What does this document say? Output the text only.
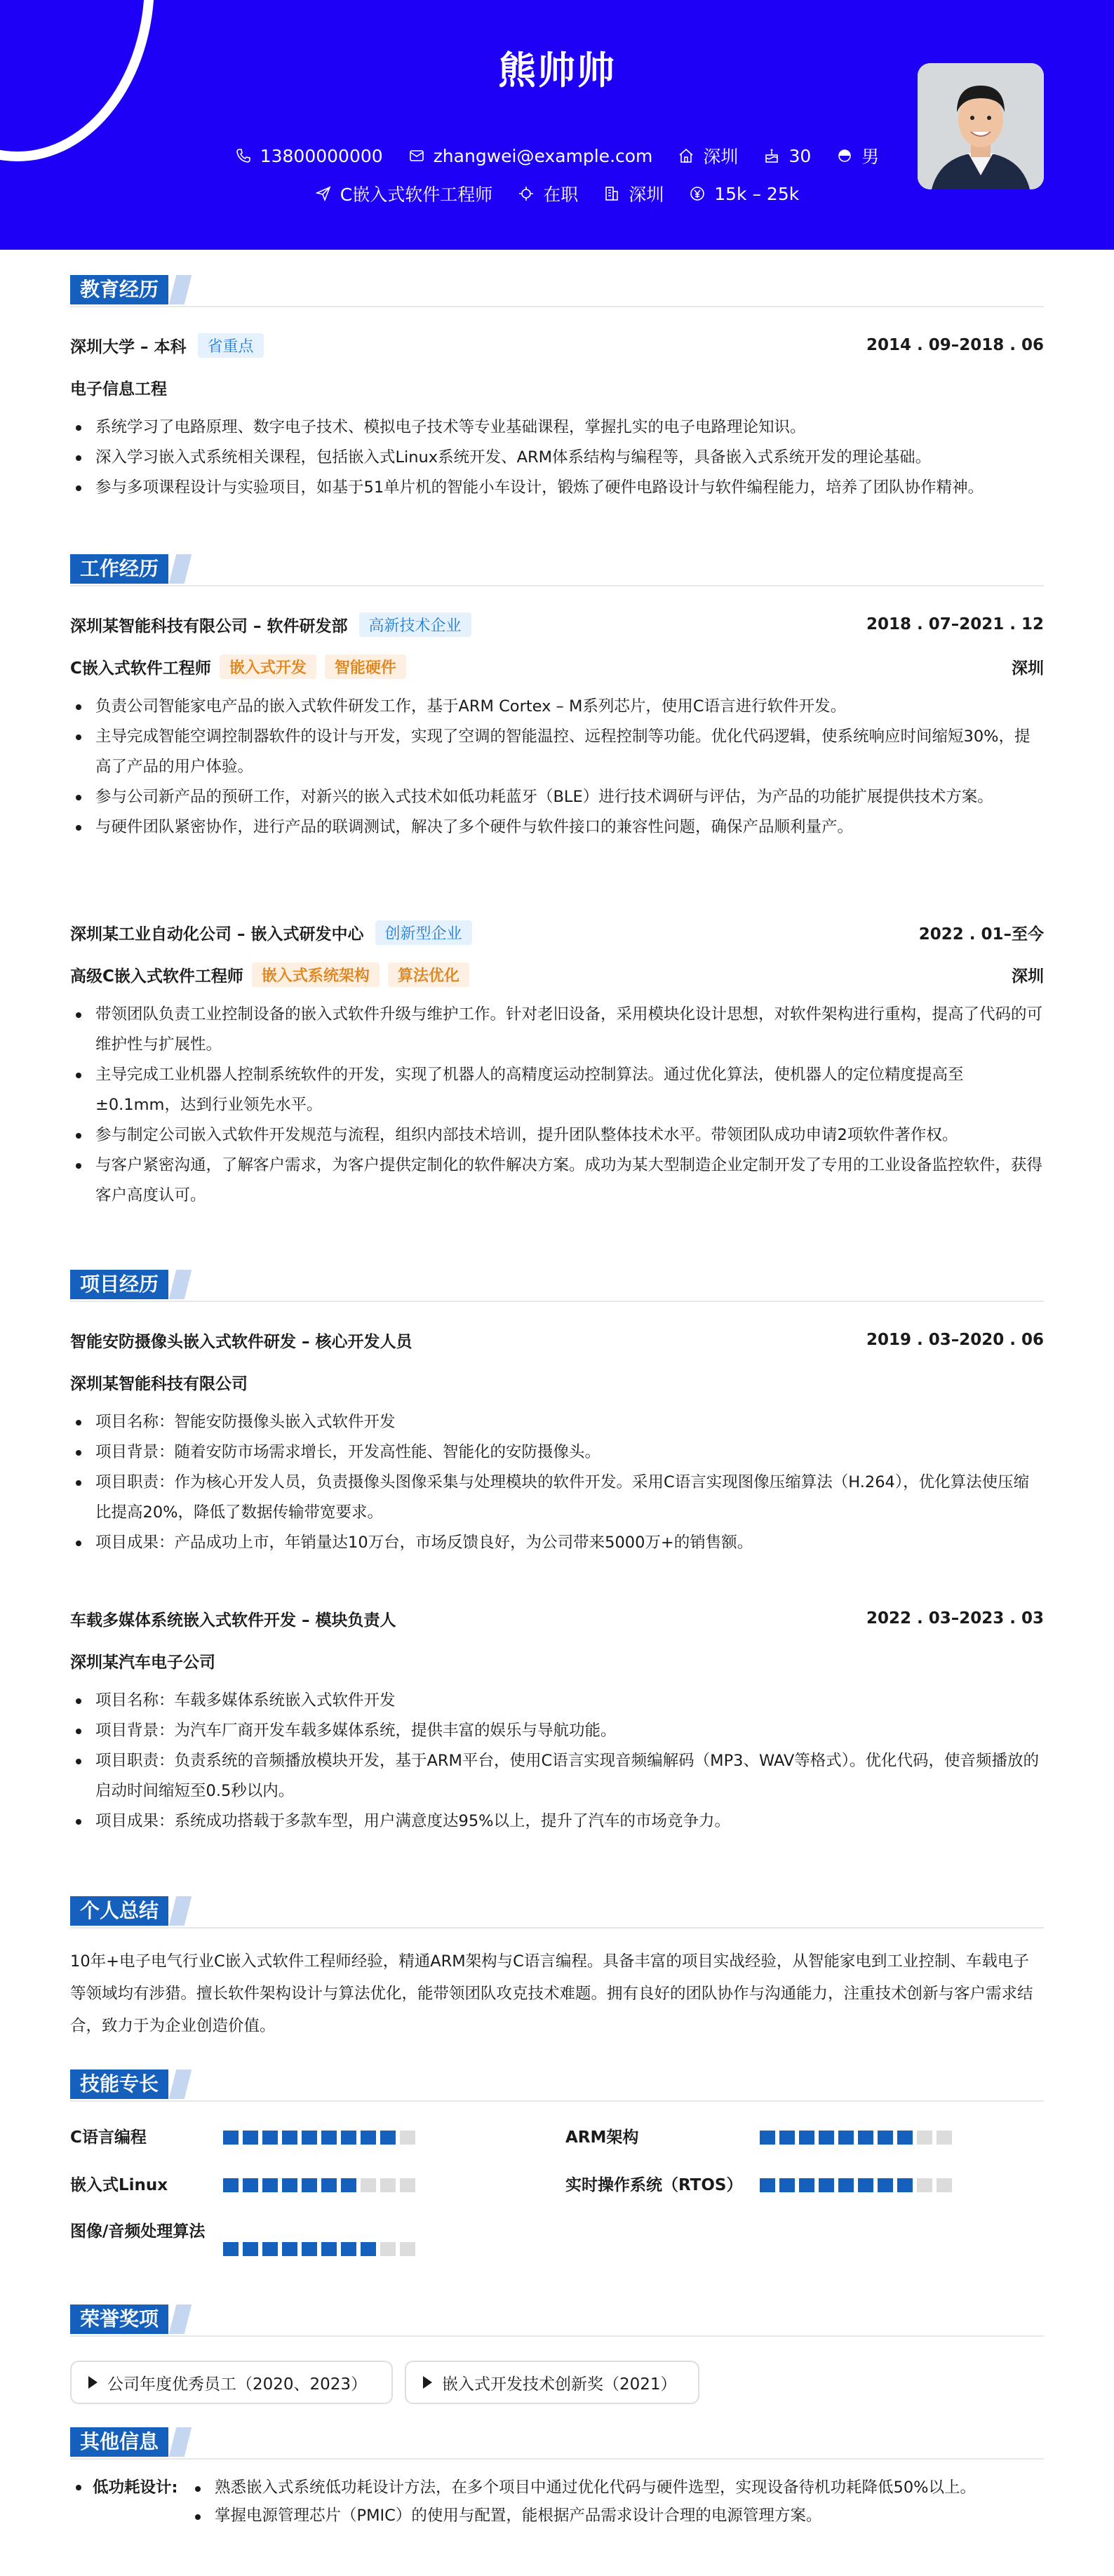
熊帅帅
13800000000	zhangwei@example.com	深圳	30	男
C嵌入式软件工程师	在职	深圳	15k – 25k
教育经历
深圳大学 – 本科	省重点	2014 . 09–2018 . 06
电子信息工程
系统学习了电路原理、数字电子技术、模拟电子技术等专业基础课程，掌握扎实的电子电路理论知识。
深入学习嵌入式系统相关课程，包括嵌入式Linux系统开发、ARM体系结构与编程等，具备嵌入式系统开发的理论基础。
参与多项课程设计与实验项目，如基于51单片机的智能小车设计，锻炼了硬件电路设计与软件编程能力，培养了团队协作精神。
工作经历
深圳某智能科技有限公司 – 软件研发部	高新技术企业	2018 . 07–2021 . 12
C嵌入式软件工程师	嵌入式开发	智能硬件	深圳
负责公司智能家电产品的嵌入式软件研发工作，基于ARM Cortex – M系列芯片，使用C语言进行软件开发。
主导完成智能空调控制器软件的设计与开发，实现了空调的智能温控、远程控制等功能。优化代码逻辑，使系统响应时间缩短30%，提高了产品的用户体验。
参与公司新产品的预研工作，对新兴的嵌入式技术如低功耗蓝牙（BLE）进行技术调研与评估，为产品的功能扩展提供技术方案。
与硬件团队紧密协作，进行产品的联调测试，解决了多个硬件与软件接口的兼容性问题，确保产品顺利量产。
深圳某工业自动化公司 – 嵌入式研发中心	创新型企业	2022 . 01–至今
高级C嵌入式软件工程师	嵌入式系统架构	算法优化	深圳
带领团队负责工业控制设备的嵌入式软件升级与维护工作。针对老旧设备，采用模块化设计思想，对软件架构进行重构，提高了代码的可维护性与扩展性。
主导完成工业机器人控制系统软件的开发，实现了机器人的高精度运动控制算法。通过优化算法，使机器人的定位精度提高至±0.1mm，达到行业领先水平。
参与制定公司嵌入式软件开发规范与流程，组织内部技术培训，提升团队整体技术水平。带领团队成功申请2项软件著作权。
与客户紧密沟通，了解客户需求，为客户提供定制化的软件解决方案。成功为某大型制造企业定制开发了专用的工业设备监控软件，获得客户高度认可。
项目经历
智能安防摄像头嵌入式软件研发 – 核心开发人员	2019 . 03–2020 . 06
深圳某智能科技有限公司
项目名称：智能安防摄像头嵌入式软件开发
项目背景：随着安防市场需求增长，开发高性能、智能化的安防摄像头。
项目职责：作为核心开发人员，负责摄像头图像采集与处理模块的软件开发。采用C语言实现图像压缩算法（H.264），优化算法使压缩比提高20%，降低了数据传输带宽要求。
项目成果：产品成功上市，年销量达10万台，市场反馈良好，为公司带来5000万+的销售额。
车载多媒体系统嵌入式软件开发 – 模块负责人	2022 . 03–2023 . 03
深圳某汽车电子公司
项目名称：车载多媒体系统嵌入式软件开发
项目背景：为汽车厂商开发车载多媒体系统，提供丰富的娱乐与导航功能。
项目职责：负责系统的音频播放模块开发，基于ARM平台，使用C语言实现音频编解码（MP3、WAV等格式）。优化代码，使音频播放的启动时间缩短至0.5秒以内。
项目成果：系统成功搭载于多款车型，用户满意度达95%以上，提升了汽车的市场竞争力。
个人总结
10年+电子电气行业C嵌入式软件工程师经验，精通ARM架构与C语言编程。具备丰富的项目实战经验，从智能家电到工业控制、车载电子等领域均有涉猎。擅长软件架构设计与算法优化，能带领团队攻克技术难题。拥有良好的团队协作与沟通能力，注重技术创新与客户需求结合，致力于为企业创造价值。
技能专长
C语言编程	ARM架构
嵌入式Linux	实时操作系统（RTOS）
图像/音频处理算法
荣誉奖项
公司年度优秀员工（2020、2023）	嵌入式开发技术创新奖（2021）
其他信息
低功耗设计:	熟悉嵌入式系统低功耗设计方法，在多个项目中通过优化代码与硬件选型，实现设备待机功耗降低50%以上。
掌握电源管理芯片（PMIC）的使用与配置，能根据产品需求设计合理的电源管理方案。
